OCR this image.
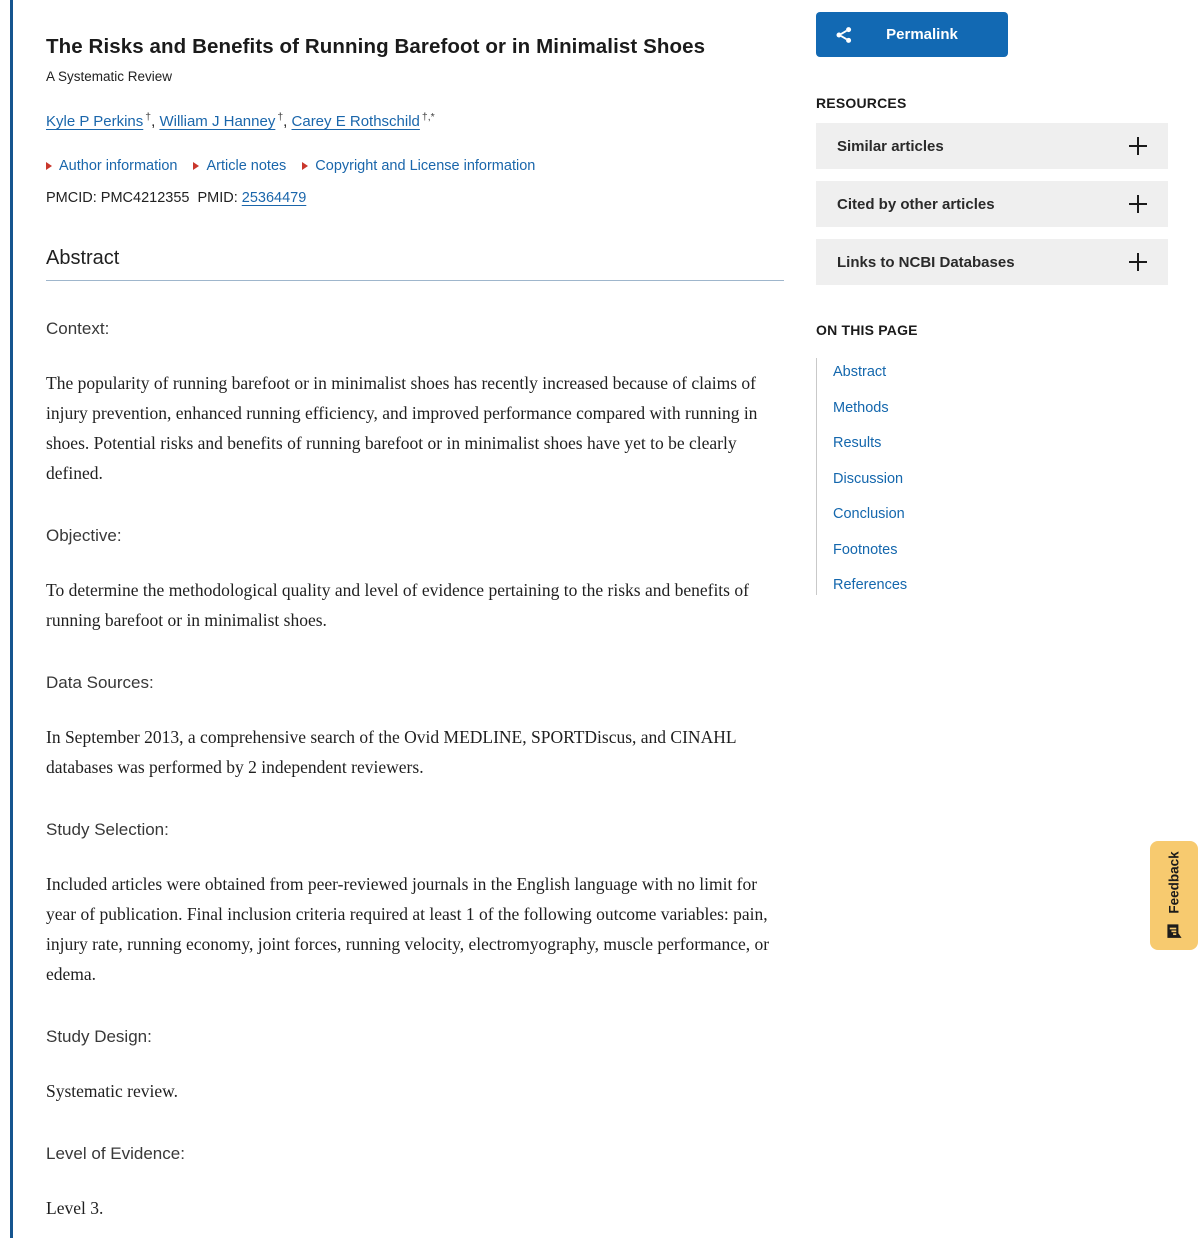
The Risks and Benefits of Running Barefoot or in Minimalist Shoes
A Systematic Review
Kyle P Perkins †, William J Hanney †, Carey E Rothschild †,*
Author information Article notes Copyright and License information
PMCID: PMC4212355 PMID: 25364479
Abstract
Context:

The popularity of running barefoot or in minimalist shoes has recently increased because of claims of injury prevention, enhanced running efficiency, and improved performance compared with running in shoes. Potential risks and benefits of running barefoot or in minimalist shoes have yet to be clearly defined.

Objective:

To determine the methodological quality and level of evidence pertaining to the risks and benefits of running barefoot or in minimalist shoes.

Data Sources:

In September 2013, a comprehensive search of the Ovid MEDLINE, SPORTDiscus, and CINAHL databases was performed by 2 independent reviewers.

Study Selection:

Included articles were obtained from peer-reviewed journals in the English language with no limit for year of publication. Final inclusion criteria required at least 1 of the following outcome variables: pain, injury rate, running economy, joint forces, running velocity, electromyography, muscle performance, or edema.

Study Design:

Systematic review.

Level of Evidence:

Level 3.

Permalink
RESOURCES
Similar articles
Cited by other articles
Links to NCBI Databases
ON THIS PAGE
Abstract
Methods
Results
Discussion
Conclusion
Footnotes
References
Feedback
